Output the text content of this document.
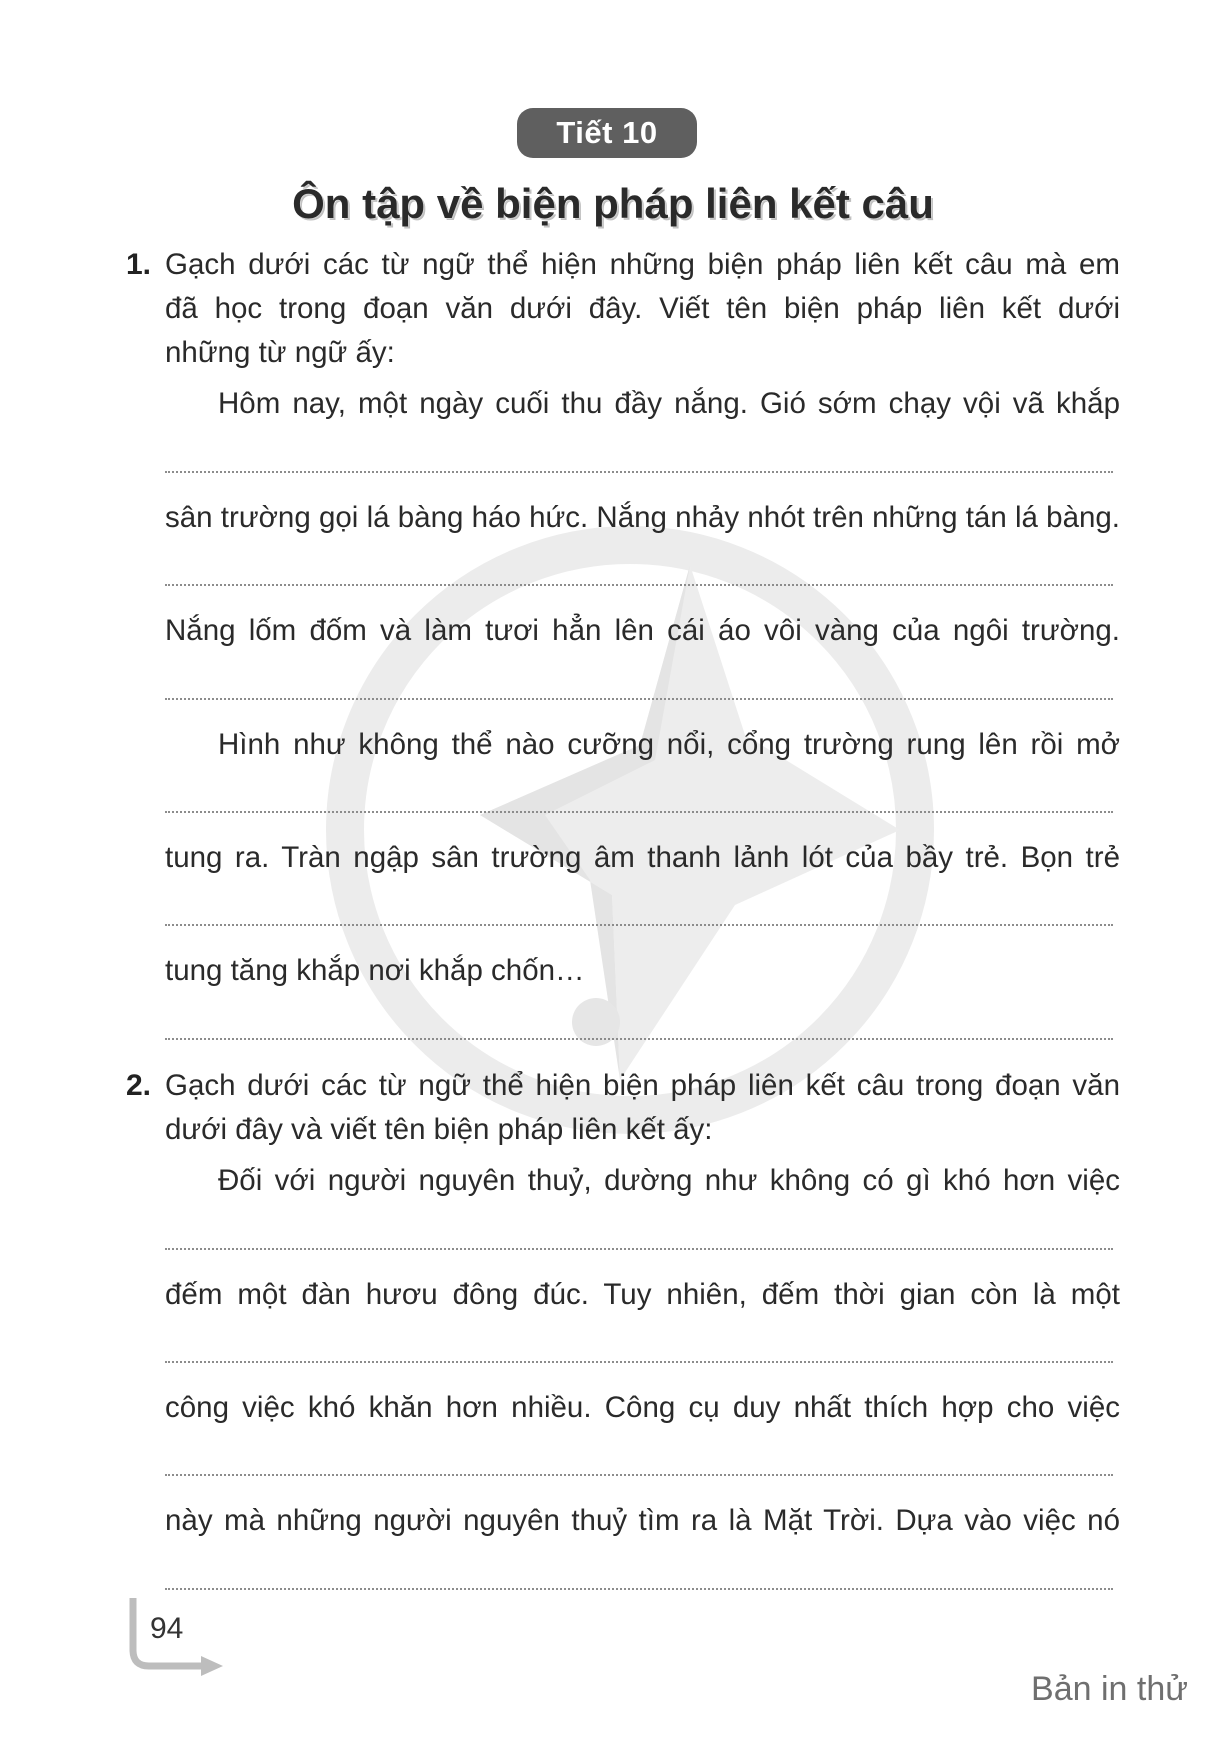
Tiết 10
Ôn tập về biện pháp liên kết câu
1. Gạch dưới các từ ngữ thể hiện những biện pháp liên kết câu mà em
đã học trong đoạn văn dưới đây. Viết tên biện pháp liên kết dưới
những từ ngữ ấy:
Hôm nay, một ngày cuối thu đầy nắng. Gió sớm chạy vội vã khắp
sân trường gọi lá bàng háo hức. Nắng nhảy nhót trên những tán lá bàng.
Nắng lốm đốm và làm tươi hẳn lên cái áo vôi vàng của ngôi trường.
Hình như không thể nào cưỡng nổi, cổng trường rung lên rồi mở
tung ra. Tràn ngập sân trường âm thanh lảnh lót của bầy trẻ. Bọn trẻ
tung tăng khắp nơi khắp chốn…
2. Gạch dưới các từ ngữ thể hiện biện pháp liên kết câu trong đoạn văn
dưới đây và viết tên biện pháp liên kết ấy:
Đối với người nguyên thuỷ, dường như không có gì khó hơn việc
đếm một đàn hươu đông đúc. Tuy nhiên, đếm thời gian còn là một
công việc khó khăn hơn nhiều. Công cụ duy nhất thích hợp cho việc
này mà những người nguyên thuỷ tìm ra là Mặt Trời. Dựa vào việc nó
94
Bản in thử
